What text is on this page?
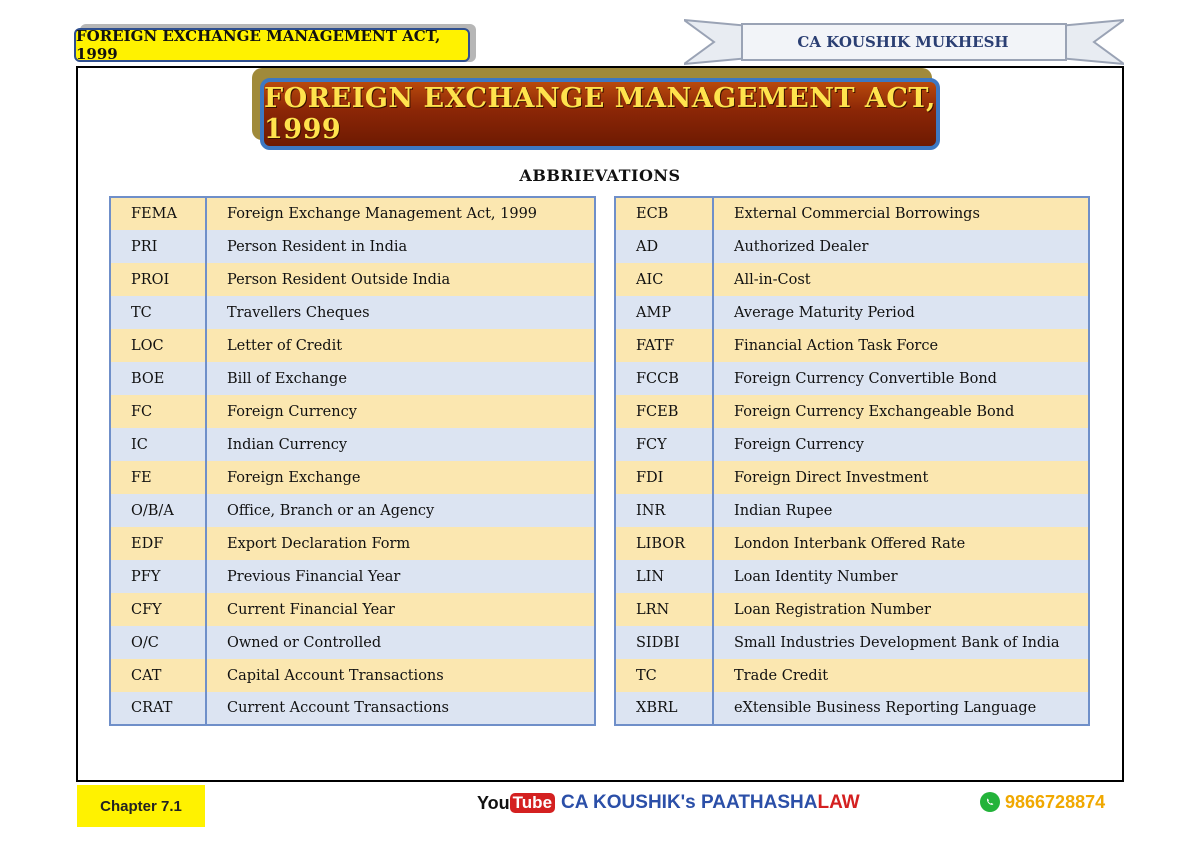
FOREIGN EXCHANGE MANAGEMENT ACT, 1999
CA KOUSHIK MUKHESH
FOREIGN EXCHANGE MANAGEMENT ACT, 1999
ABBRIEVATIONS
FEMA	Foreign Exchange Management Act, 1999
PRI	Person Resident in India
PROI	Person Resident Outside India
TC	Travellers Cheques
LOC	Letter of Credit
BOE	Bill of Exchange
FC	Foreign Currency
IC	Indian Currency
FE	Foreign Exchange
O/B/A	Office, Branch or an Agency
EDF	Export Declaration Form
PFY	Previous Financial Year
CFY	Current Financial Year
O/C	Owned or Controlled
CAT	Capital Account Transactions
CRAT	Current Account Transactions
ECB	External Commercial Borrowings
AD	Authorized Dealer
AIC	All-in-Cost
AMP	Average Maturity Period
FATF	Financial Action Task Force
FCCB	Foreign Currency Convertible Bond
FCEB	Foreign Currency Exchangeable Bond
FCY	Foreign Currency
FDI	Foreign Direct Investment
INR	Indian Rupee
LIBOR	London Interbank Offered Rate
LIN	Loan Identity Number
LRN	Loan Registration Number
SIDBI	Small Industries Development Bank of India
TC	Trade Credit
XBRL	eXtensible Business Reporting Language
Chapter 7.1	You Tube CA KOUSHIK's PAATHASHA LAW	9866728874
